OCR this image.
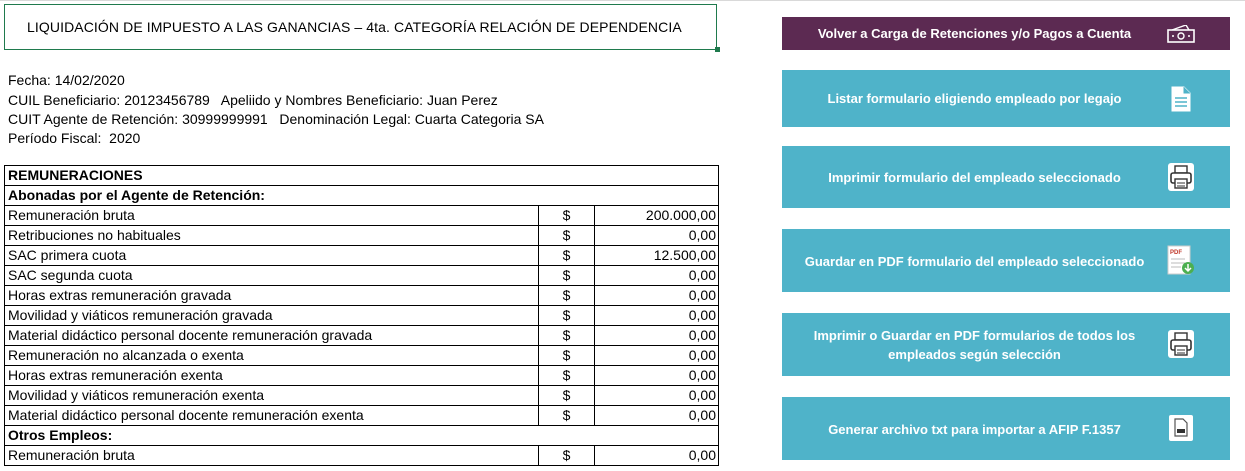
LIQUIDACIÓN DE IMPUESTO A LAS GANANCIAS – 4ta. CATEGORÍA RELACIÓN DE DEPENDENCIA
Fecha: 14/02/2020
CUIL Beneficiario: 20123456789   Apeliido y Nombres Beneficiario: Juan Perez
CUIT Agente de Retención: 30999999991   Denominación Legal: Cuarta Categoria SA
Período Fiscal:  2020
REMUNERACIONES		
Abonadas por el Agente de Retención:		
Remuneración bruta	$	200.000,00
Retribuciones no habituales	$	0,00
SAC primera cuota	$	12.500,00
SAC segunda cuota	$	0,00
Horas extras remuneración gravada	$	0,00
Movilidad y viáticos remuneración gravada	$	0,00
Material didáctico personal docente remuneración gravada	$	0,00
Remuneración no alcanzada o exenta	$	0,00
Horas extras remuneración exenta	$	0,00
Movilidad y viáticos remuneración exenta	$	0,00
Material didáctico personal docente remuneración exenta	$	0,00
Otros Empleos:		
Remuneración bruta	$	0,00
Volver a Carga de Retenciones y/o Pagos a Cuenta
Listar formulario eligiendo empleado por legajo
Imprimir formulario del empleado seleccionado
Guardar en PDF formulario del empleado seleccionado
PDF
Imprimir o Guardar en PDF formularios de todos los empleados según selección
Generar archivo txt para importar a AFIP F.1357
